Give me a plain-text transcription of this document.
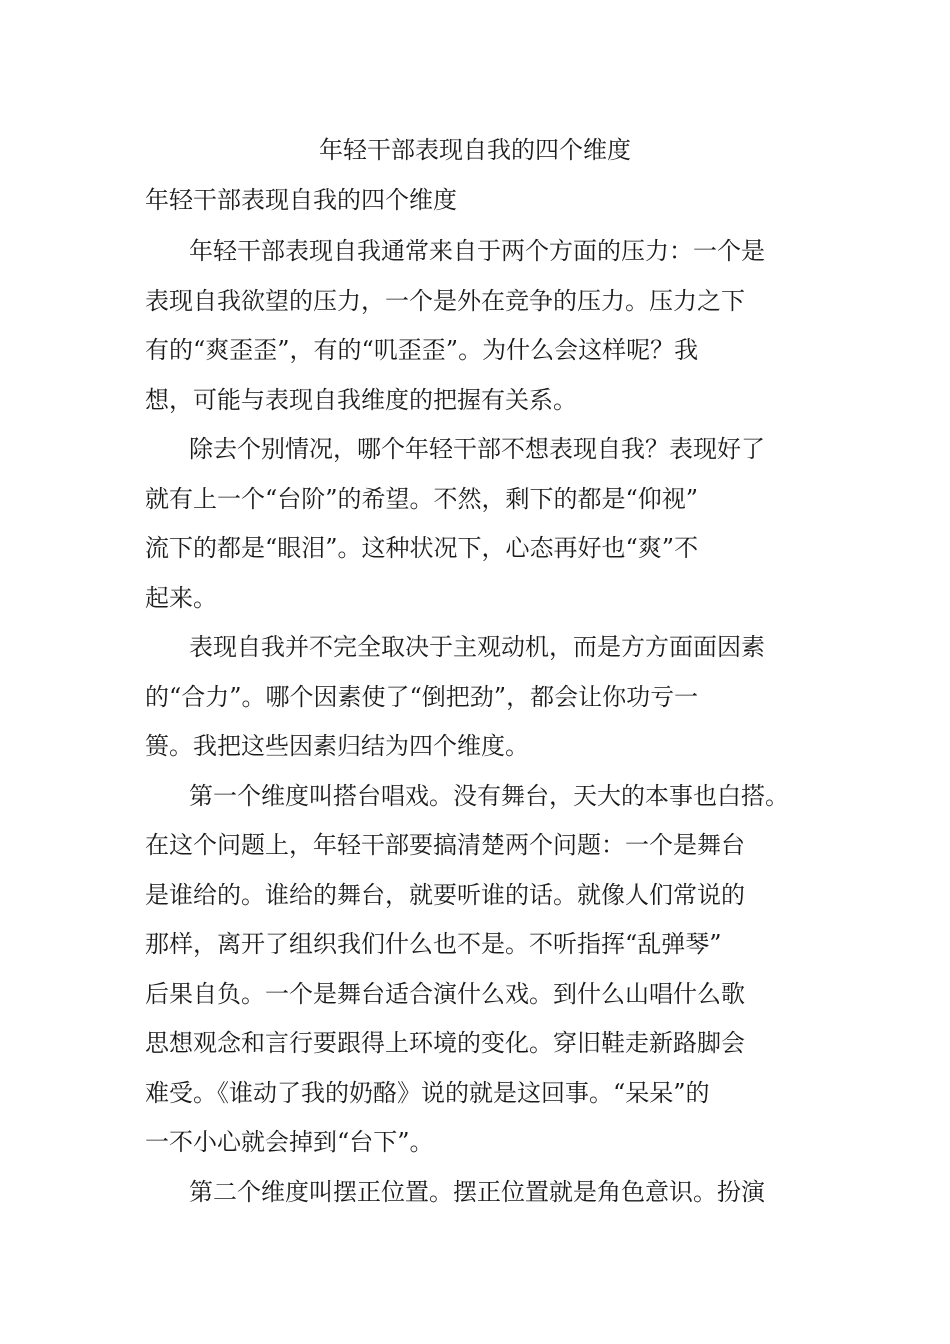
年轻干部表现自我的四个维度
年轻干部表现自我的四个维度
年轻干部表现自我通常来自于两个方面的压力：一个是
表现自我欲望的压力，一个是外在竞争的压力。压力之下
有的“爽歪歪”，有的“叽歪歪”。为什么会这样呢？我
想，可能与表现自我维度的把握有关系。
除去个别情况，哪个年轻干部不想表现自我？表现好了
就有上一个“台阶”的希望。不然，剩下的都是“仰视”
流下的都是“眼泪”。这种状况下，心态再好也“爽”不
起来。
表现自我并不完全取决于主观动机，而是方方面面因素
的“合力”。哪个因素使了“倒把劲”，都会让你功亏一
篑。我把这些因素归结为四个维度。
第一个维度叫搭台唱戏。没有舞台，天大的本事也白搭。
在这个问题上，年轻干部要搞清楚两个问题：一个是舞台
是谁给的。谁给的舞台，就要听谁的话。就像人们常说的
那样，离开了组织我们什么也不是。不听指挥“乱弹琴”
后果自负。一个是舞台适合演什么戏。到什么山唱什么歌
思想观念和言行要跟得上环境的变化。穿旧鞋走新路脚会
难受。《谁动了我的奶酪》说的就是这回事。“呆呆”的
一不小心就会掉到“台下”。
第二个维度叫摆正位置。摆正位置就是角色意识。扮演
